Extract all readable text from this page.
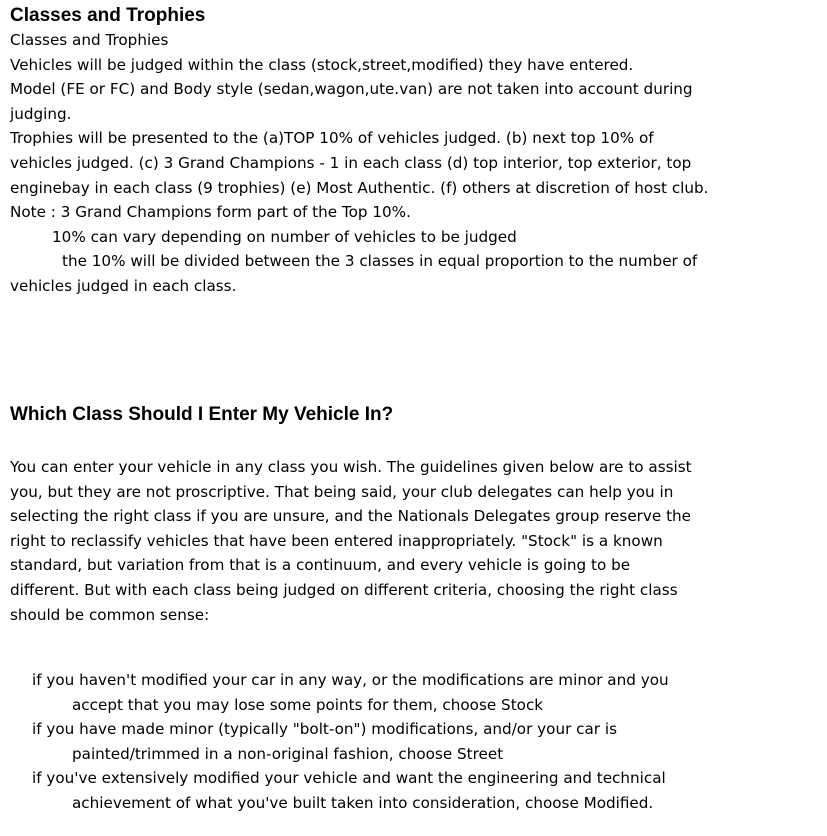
Classes and Trophies
Classes and Trophies
Vehicles will be judged within the class (stock,street,modified) they have entered.
Model (FE or FC) and Body style (sedan,wagon,ute.van) are not taken into account during
judging.
Trophies will be presented to the (a)TOP 10% of vehicles judged. (b) next top 10% of
vehicles judged. (c) 3 Grand Champions - 1 in each class (d) top interior, top exterior, top
enginebay in each class (9 trophies) (e) Most Authentic. (f) others at discretion of host club.
Note : 3 Grand Champions form part of the Top 10%.
10% can vary depending on number of vehicles to be judged
the 10% will be divided between the 3 classes in equal proportion to the number of
vehicles judged in each class.
Which Class Should I Enter My Vehicle In?
You can enter your vehicle in any class you wish. The guidelines given below are to assist
you, but they are not proscriptive. That being said, your club delegates can help you in
selecting the right class if you are unsure, and the Nationals Delegates group reserve the
right to reclassify vehicles that have been entered inappropriately. "Stock" is a known
standard, but variation from that is a continuum, and every vehicle is going to be
different. But with each class being judged on different criteria, choosing the right class
should be common sense:
if you haven't modified your car in any way, or the modifications are minor and you
accept that you may lose some points for them, choose Stock
if you have made minor (typically "bolt-on") modifications, and/or your car is
painted/trimmed in a non-original fashion, choose Street
if you've extensively modified your vehicle and want the engineering and technical
achievement of what you've built taken into consideration, choose Modified.
